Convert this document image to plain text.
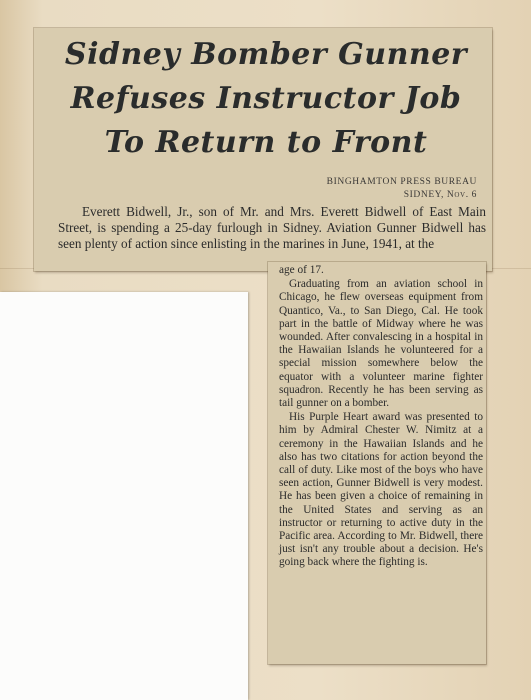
Sidney Bomber Gunner
Refuses Instructor Job
To Return to Front
BINGHAMTON PRESS BUREAU
SIDNEY, Nov. 6

Everett Bidwell, Jr., son of Mr. and Mrs. Everett Bidwell of East Main Street, is spending a 25-day furlough in Sidney. Aviation Gunner Bidwell has seen plenty of action since enlisting in the marines in June, 1941, at the

age of 17.

Graduating from an aviation school in Chicago, he flew overseas equipment from Quantico, Va., to San Diego, Cal. He took part in the battle of Midway where he was wounded. After convalescing in a hospital in the Hawaiian Islands he volunteered for a special mission somewhere below the equator with a volunteer marine fighter squadron. Recently he has been serving as tail gunner on a bomber.

His Purple Heart award was presented to him by Admiral Chester W. Nimitz at a ceremony in the Hawaiian Islands and he also has two citations for action beyond the call of duty. Like most of the boys who have seen action, Gunner Bidwell is very modest. He has been given a choice of remaining in the United States and serving as an instructor or returning to active duty in the Pacific area. According to Mr. Bidwell, there just isn't any trouble about a decision. He's going back where the fighting is.
